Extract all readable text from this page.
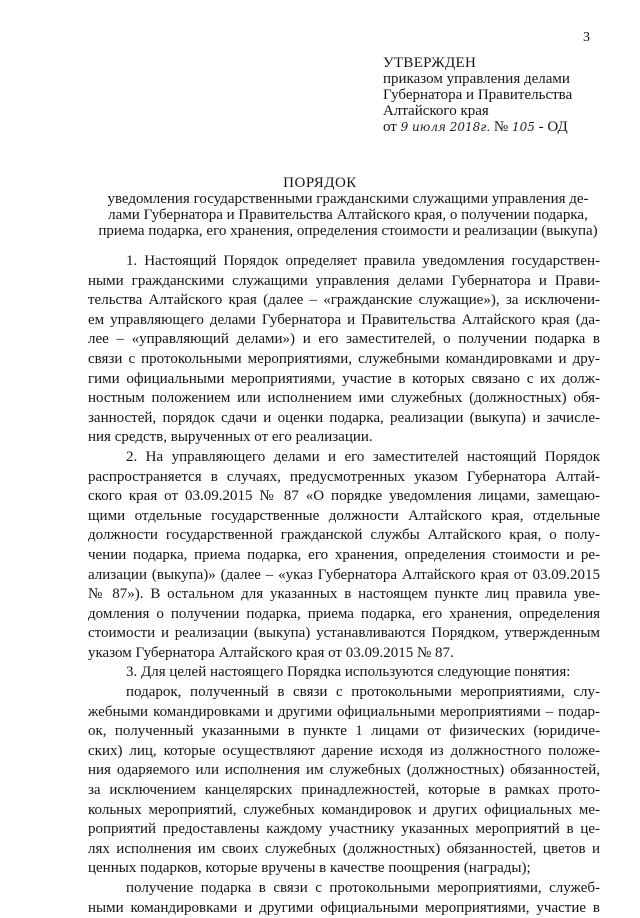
3
УТВЕРЖДЕН
приказом управления делами
Губернатора и Правительства
Алтайского края
от 9 июля 2018г. № 105 - ОД
ПОРЯДОК
уведомления государственными гражданскими служащими управления де-
лами Губернатора и Правительства Алтайского края, о получении подарка,
приема подарка, его хранения, определения стоимости и реализации (выкупа)
1. Настоящий Порядок определяет правила уведомления государствен-
ными гражданскими служащими управления делами Губернатора и Прави-
тельства Алтайского края (далее – «гражданские служащие»), за исключени-
ем управляющего делами Губернатора и Правительства Алтайского края (да-
лее – «управляющий делами») и его заместителей, о получении подарка в
связи с протокольными мероприятиями, служебными командировками и дру-
гими официальными мероприятиями, участие в которых связано с их долж-
ностным положением или исполнением ими служебных (должностных) обя-
занностей, порядок сдачи и оценки подарка, реализации (выкупа) и зачисле-
ния средств, вырученных от его реализации.
2. На управляющего делами и его заместителей настоящий Порядок
распространяется в случаях, предусмотренных указом Губернатора Алтай-
ского края от 03.09.2015 № 87 «О порядке уведомления лицами, замещаю-
щими отдельные государственные должности Алтайского края, отдельные
должности государственной гражданской службы Алтайского края, о полу-
чении подарка, приема подарка, его хранения, определения стоимости и ре-
ализации (выкупа)» (далее – «указ Губернатора Алтайского края от 03.09.2015
№ 87»). В остальном для указанных в настоящем пункте лиц правила уве-
домления о получении подарка, приема подарка, его хранения, определения
стоимости и реализации (выкупа) устанавливаются Порядком, утвержденным
указом Губернатора Алтайского края от 03.09.2015 № 87.
3. Для целей настоящего Порядка используются следующие понятия:
подарок, полученный в связи с протокольными мероприятиями, слу-
жебными командировками и другими официальными мероприятиями – подар-
ок, полученный указанными в пункте 1 лицами от физических (юридиче-
ских) лиц, которые осуществляют дарение исходя из должностного положе-
ния одаряемого или исполнения им служебных (должностных) обязанностей,
за исключением канцелярских принадлежностей, которые в рамках прото-
кольных мероприятий, служебных командировок и других официальных ме-
роприятий предоставлены каждому участнику указанных мероприятий в це-
лях исполнения им своих служебных (должностных) обязанностей, цветов и
ценных подарков, которые вручены в качестве поощрения (награды);
получение подарка в связи с протокольными мероприятиями, служеб-
ными командировками и другими официальными мероприятиями, участие в
